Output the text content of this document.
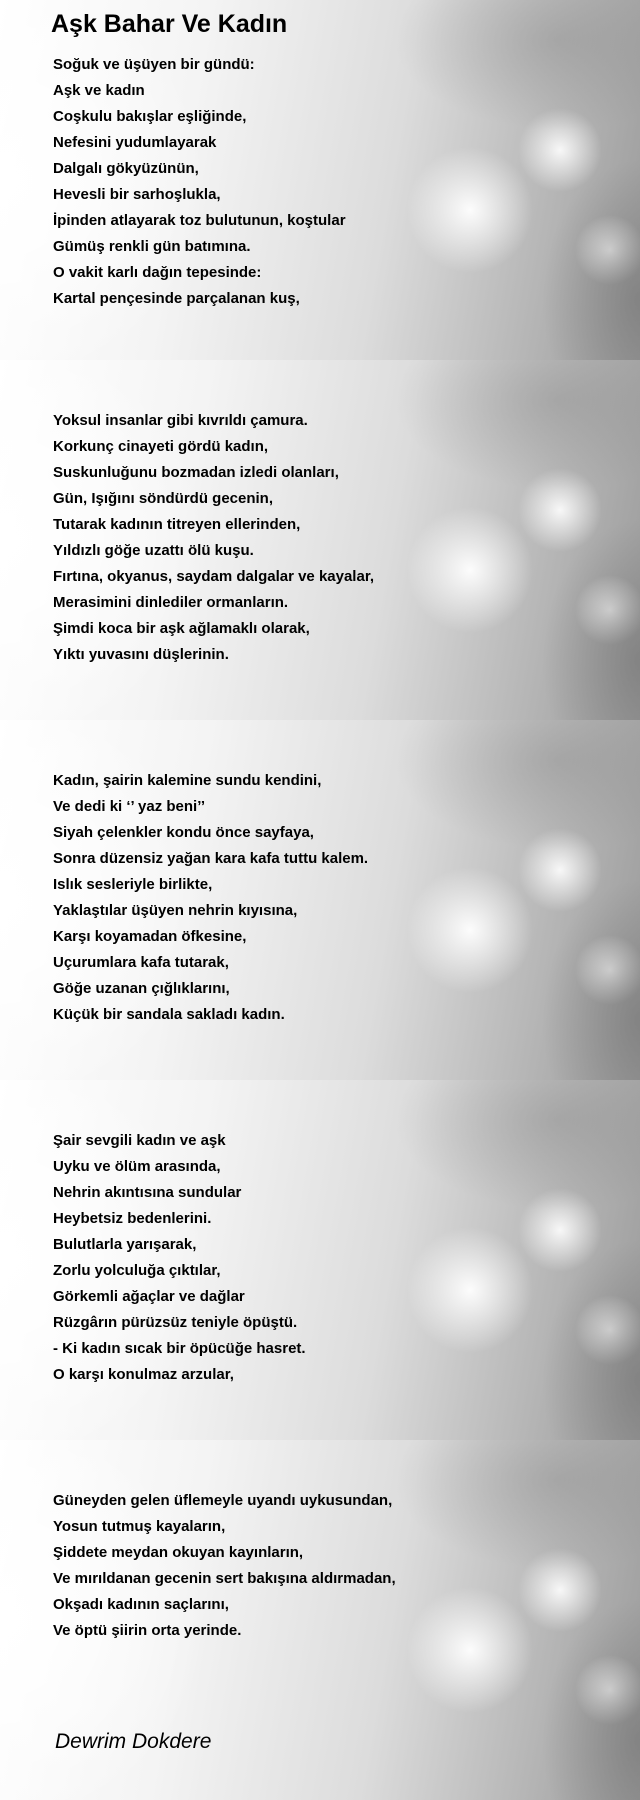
Aşk Bahar Ve Kadın
Soğuk ve üşüyen bir gündü:
Aşk ve kadın
Coşkulu bakışlar eşliğinde,
Nefesini yudumlayarak
Dalgalı gökyüzünün,
Hevesli bir sarhoşlukla,
İpinden atlayarak toz bulutunun, koştular
Gümüş renkli gün batımına.
O vakit karlı dağın tepesinde:
Kartal pençesinde parçalanan kuş,
Yoksul insanlar gibi kıvrıldı çamura.
Korkunç cinayeti gördü kadın,
Suskunluğunu bozmadan izledi olanları,
Gün, Işığını söndürdü gecenin,
Tutarak kadının titreyen ellerinden,
Yıldızlı göğe uzattı ölü kuşu.
Fırtına, okyanus, saydam dalgalar ve kayalar,
Merasimini dinlediler ormanların.
Şimdi koca bir aşk ağlamaklı olarak,
Yıktı yuvasını düşlerinin.
Kadın, şairin kalemine sundu kendini,
Ve dedi ki ‘’ yaz beni’’
Siyah çelenkler kondu önce sayfaya,
Sonra düzensiz yağan kara kafa tuttu kalem.
Islık sesleriyle birlikte,
Yaklaştılar üşüyen nehrin kıyısına,
Karşı koyamadan öfkesine,
Uçurumlara kafa tutarak,
Göğe uzanan çığlıklarını,
Küçük bir sandala sakladı kadın.
Şair sevgili kadın ve aşk
Uyku ve ölüm arasında,
Nehrin akıntısına sundular
Heybetsiz bedenlerini.
Bulutlarla yarışarak,
Zorlu yolculuğa çıktılar,
Görkemli ağaçlar ve dağlar
Rüzgârın pürüzsüz teniyle öpüştü.
- Ki kadın sıcak bir öpücüğe hasret.
O karşı konulmaz arzular,
Güneyden gelen üflemeyle uyandı uykusundan,
Yosun tutmuş kayaların,
Şiddete meydan okuyan kayınların,
Ve mırıldanan gecenin sert bakışına aldırmadan,
Okşadı kadının saçlarını,
Ve öptü şiirin orta yerinde.
Dewrim Dokdere
